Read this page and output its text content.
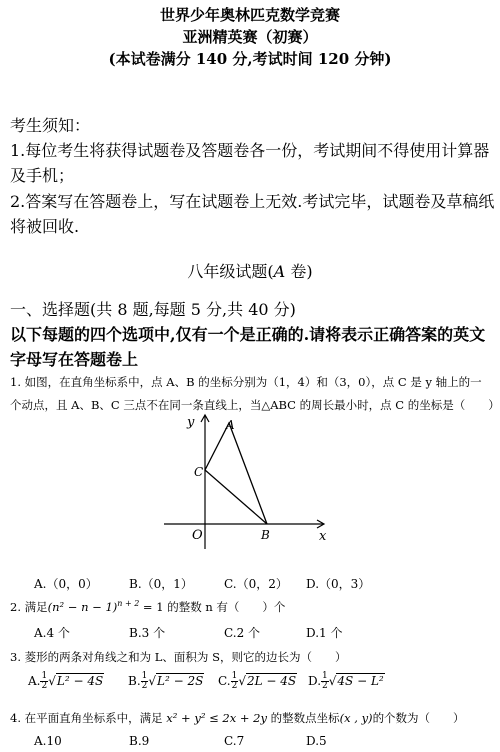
世界少年奥林匹克数学竞赛
亚洲精英赛（初赛）
(本试卷满分 140 分,考试时间 120 分钟)
考生须知：
1.每位考生将获得试题卷及答题卷各一份，考试期间不得使用计算器
及手机；
2.答案写在答题卷上，写在试题卷上无效.考试完毕，试题卷及草稿纸
将被回收.
八年级试题(A 卷)
一、选择题(共 8 题,每题 5 分,共 40 分)
以下每题的四个选项中,仅有一个是正确的.请将表示正确答案的英文
字母写在答题卷上
1. 如图，在直角坐标系中，点 A、B 的坐标分别为（1，4）和（3，0），点 C 是 y 轴上的一
个动点，且 A、B、C 三点不在同一条直线上，当△ABC 的周长最小时，点 C 的坐标是（　　）
y
x
O
A
B
C
A.（0，0）	B.（0，1）	C.（0，2） D.（0，3）
2. 满足$(n^2 - n - 1)^{n + 2} = 1$ 的整数 n 有（　　）个
A.4 个	B.3 个	C.2 个	D.1 个
3. 菱形的两条对角线之和为 L、面积为 S，则它的边长为（　　）
A. $\frac{1}{2} √L^2 - 4S$ B. $\frac{1}{2} √L^2 - 2S$ C. $\frac{1}{2} √2L - 4S$ D. $\frac{1}{2} √4S - L^2$
4. 在平面直角坐标系中，满足 x² + y² ≤ 2x + 2y 的整数点坐标(x , y)的个数为（　　）
A.10	B.9	C.7	D.5
